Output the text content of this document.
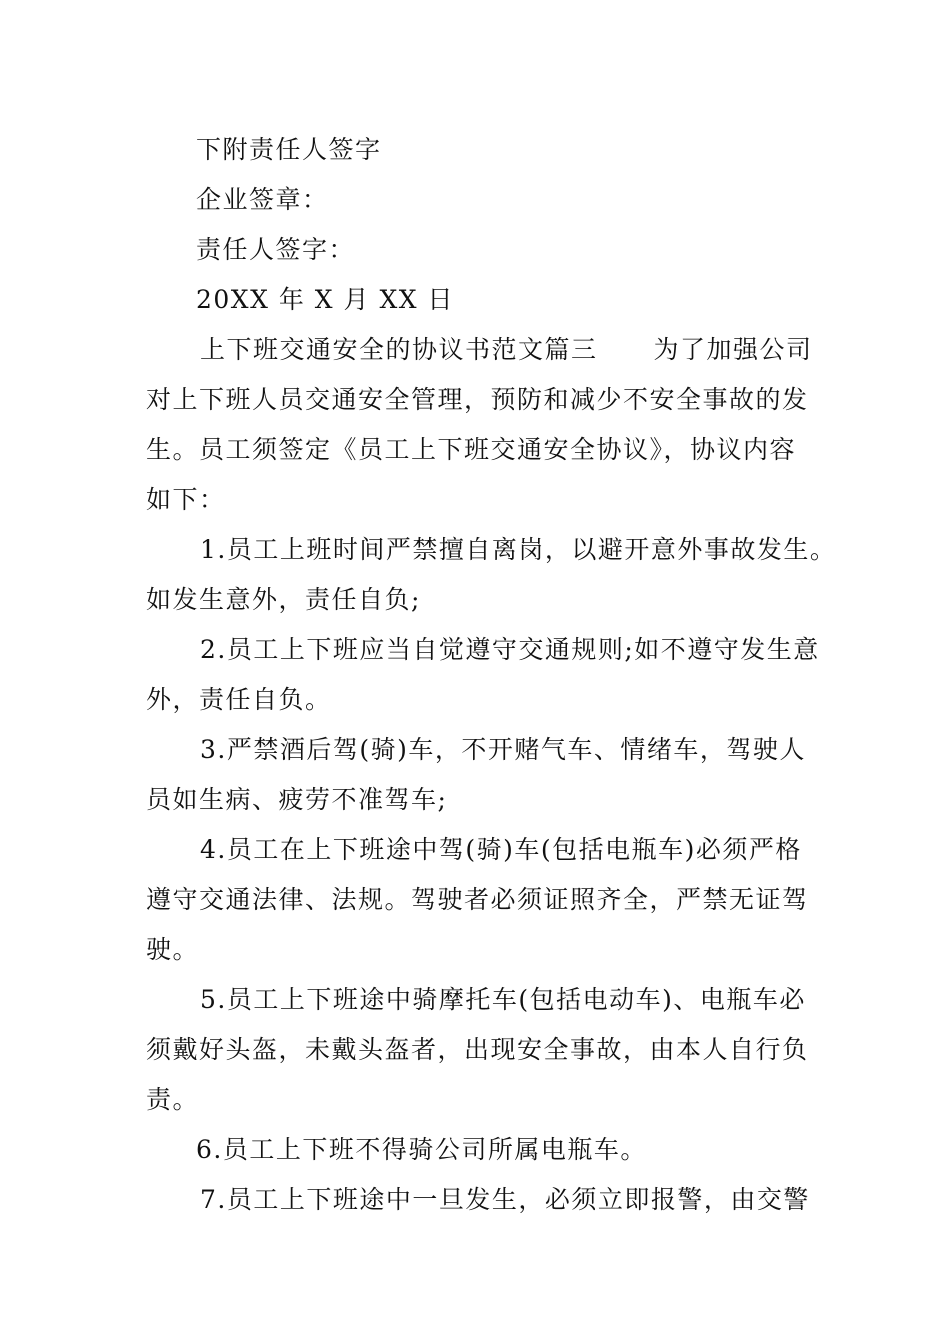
下附责任人签字
企业签章：
责任人签字：
20XX 年 X 月 XX 日
上下班交通安全的协议书范文篇三 为了加强公司
对上下班人员交通安全管理，预防和减少不安全事故的发
生。员工须签定《员工上下班交通安全协议》，协议内容
如下：
1.员工上班时间严禁擅自离岗，以避开意外事故发生。
如发生意外，责任自负;
2.员工上下班应当自觉遵守交通规则;如不遵守发生意
外，责任自负。
3.严禁酒后驾(骑)车，不开赌气车、情绪车，驾驶人
员如生病、疲劳不准驾车;
4.员工在上下班途中驾(骑)车(包括电瓶车)必须严格
遵守交通法律、法规。驾驶者必须证照齐全，严禁无证驾
驶。
5.员工上下班途中骑摩托车(包括电动车)、电瓶车必
须戴好头盔，未戴头盔者，出现安全事故，由本人自行负
责。
6.员工上下班不得骑公司所属电瓶车。
7.员工上下班途中一旦发生，必须立即报警，由交警
